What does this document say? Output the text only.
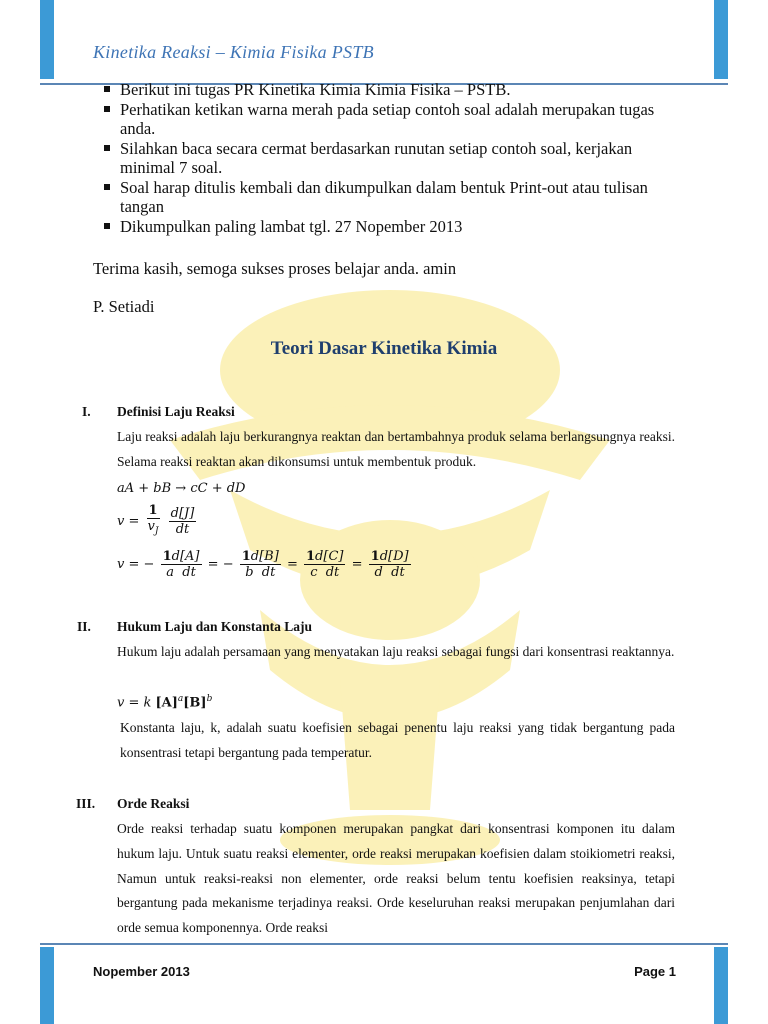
Kinetika Reaksi – Kimia Fisika PSTB
Berikut ini tugas PR Kinetika Kimia Kimia Fisika – PSTB.
Perhatikan ketikan warna merah pada setiap contoh soal adalah merupakan tugas anda.
Silahkan baca secara cermat berdasarkan runutan setiap contoh soal, kerjakan minimal 7 soal.
Soal harap ditulis kembali dan dikumpulkan dalam bentuk Print-out atau tulisan tangan
Dikumpulkan paling lambat tgl. 27 Nopember 2013
Terima kasih, semoga sukses proses belajar anda. amin
P. Setiadi
Teori Dasar Kinetika Kimia
I. Definisi Laju Reaksi
Laju reaksi adalah laju berkurangnya reaktan dan bertambahnya produk selama berlangsungnya reaksi. Selama reaksi reaktan akan dikonsumsi untuk membentuk produk.
aA + bB → cC + dD
$v = \frac{1}{v_J}$
$\frac{d[J]}{dt}$
v = − $\frac{1d[A]}{\text{a dt}}$ = − $\frac{1d[B]}{\text{b dt}} = \frac{1d[C]}{\text{c dt}} = \frac{1d[D]}{\text{d dt}}$
II. Hukum Laju dan Konstanta Laju
Hukum laju adalah persamaan yang menyatakan laju reaksi sebagai fungsi dari konsentrasi reaktannya.
v = k $[A]^a[B]^b$
Konstanta laju, k, adalah suatu koefisien sebagai penentu laju reaksi yang tidak bergantung pada konsentrasi tetapi bergantung pada temperatur.
III. Orde Reaksi
Orde reaksi terhadap suatu komponen merupakan pangkat dari konsentrasi komponen itu dalam hukum laju. Untuk suatu reaksi elementer, orde reaksi merupakan koefisien dalam stoikiometri reaksi, Namun untuk reaksi-reaksi non elementer, orde reaksi belum tentu koefisien reaksinya, tetapi bergantung pada mekanisme terjadinya reaksi. Orde keseluruhan reaksi merupakan penjumlahan dari orde semua komponennya. Orde reaksi
Nopember 2013	Page 1
